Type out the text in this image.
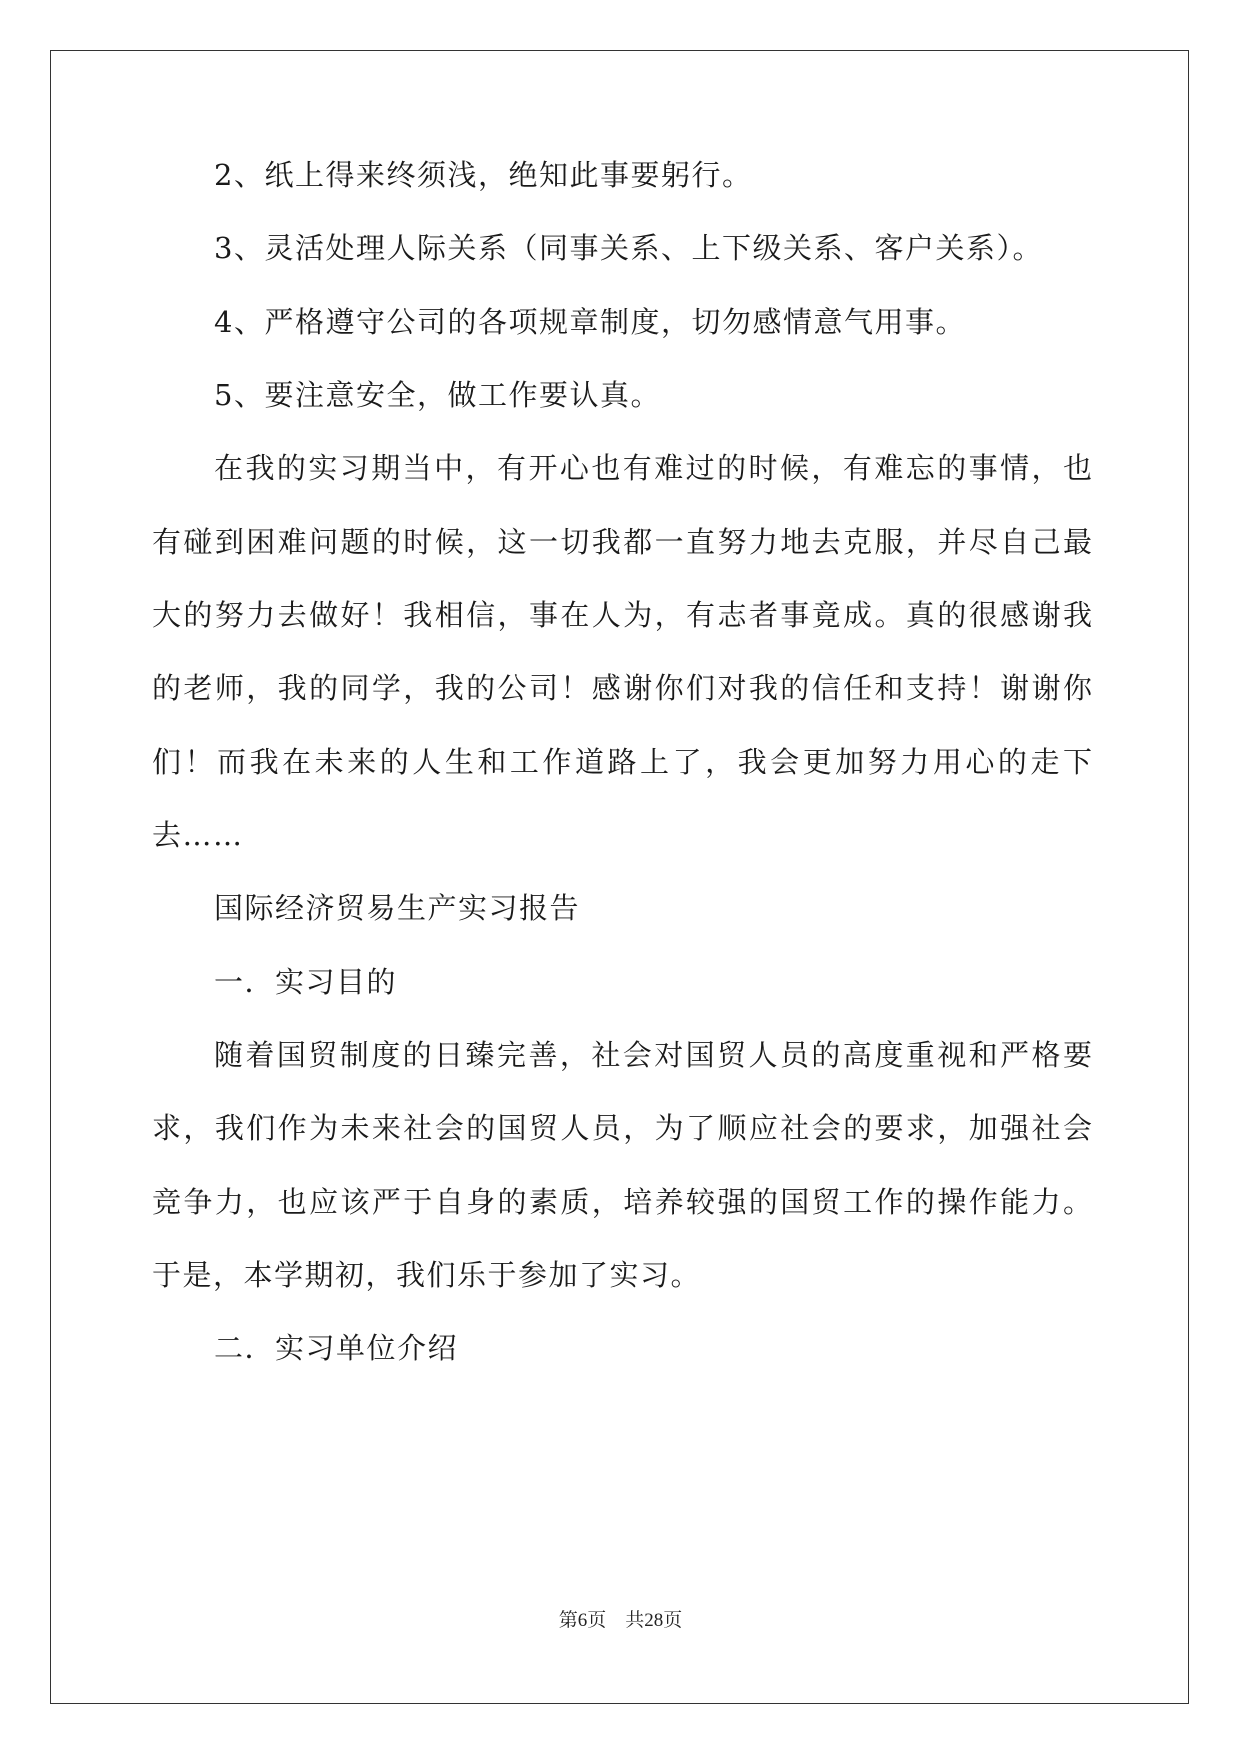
2、纸上得来终须浅，绝知此事要躬行。
3、灵活处理人际关系（同事关系、上下级关系、客户关系）。
4、严格遵守公司的各项规章制度，切勿感情意气用事。
5、要注意安全，做工作要认真。
在我的实习期当中，有开心也有难过的时候，有难忘的事情，也
有碰到困难问题的时候，这一切我都一直努力地去克服，并尽自己最
大的努力去做好！我相信，事在人为，有志者事竟成。真的很感谢我
的老师，我的同学，我的公司！感谢你们对我的信任和支持！谢谢你
们！而我在未来的人生和工作道路上了，我会更加努力用心的走下
去……
国际经济贸易生产实习报告
一．实习目的
随着国贸制度的日臻完善，社会对国贸人员的高度重视和严格要
求，我们作为未来社会的国贸人员，为了顺应社会的要求，加强社会
竞争力，也应该严于自身的素质，培养较强的国贸工作的操作能力。
于是，本学期初，我们乐于参加了实习。
二．实习单位介绍
第6页 共28页
